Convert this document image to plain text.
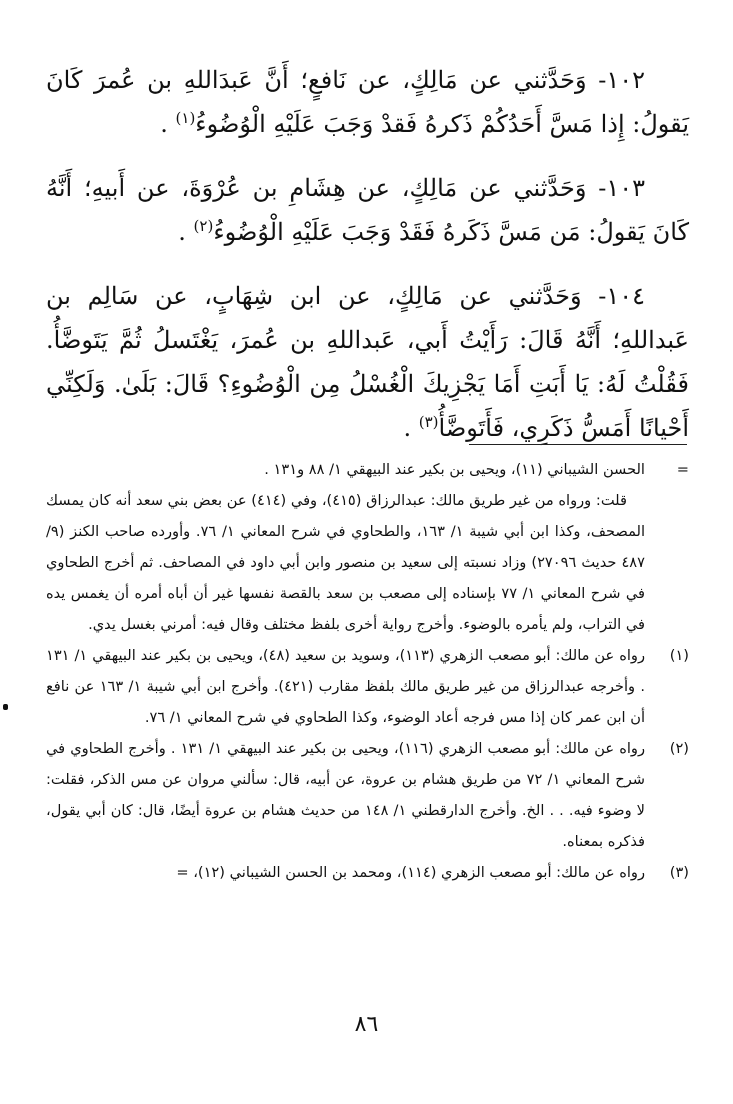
١٠٢- وَحَدَّثني عن مَالِكٍ، عن نَافعٍ؛ أَنَّ عَبدَاللهِ بن عُمرَ كَانَ يَقولُ: إِذا مَسَّ أَحَدُكُمْ ذَكرهُ فَقدْ وَجَبَ عَلَيْهِ الْوُضُوءُ$^{(١)}$ .

١٠٣- وَحَدَّثني عن مَالِكٍ، عن هِشَامِ بن عُرْوَةَ، عن أَبيهِ؛ أَنَّهُ كَانَ يَقولُ: مَن مَسَّ ذَكَرهُ فَقَدْ وَجَبَ عَلَيْهِ الْوُضُوءُ$^{(٢)}$ .

١٠٤- وَحَدَّثني عن مَالِكٍ، عن ابن شِهَابٍ، عن سَالِم بن عَبداللهِ؛ أَنَّهُ قَالَ: رَأَيْتُ أَبي، عَبداللهِ بن عُمرَ، يَغْتَسلُ ثُمَّ يَتَوضَّأُ. فَقُلْتُ لَهُ: يَا أَبَتِ أَمَا يَجْزِيكَ الْغُسْلُ مِن الْوُضُوءِ؟ قَالَ: بَلَىٰ. وَلَكِنِّي أَحْيانًا أَمَسُّ ذَكَرِي، فَأَتَوضَّأُ$^{(٣)}$ .

=

الحسن الشيباني (١١)، ويحيى بن بكير عند البيهقي ١/ ٨٨ و١٣١ .

قلت: ورواه من غير طريق مالك: عبدالرزاق (٤١٥)، وفي (٤١٤) عن بعض بني سعد أنه كان يمسك المصحف، وكذا ابن أبي شيبة ١/ ١٦٣، والطحاوي في شرح المعاني ١/ ٧٦. وأورده صاحب الكنز (٩/ ٤٨٧ حديث ٢٧٠٩٦) وزاد نسبته إلى سعيد بن منصور وابن أبي داود في المصاحف. ثم أخرج الطحاوي في شرح المعاني ١/ ٧٧ بإسناده إلى مصعب بن سعد بالقصة نفسها غير أن أباه أمره أن يغمس يده في التراب، ولم يأمره بالوضوء. وأخرج رواية أخرى بلفظ مختلف وقال فيه: أمرني بغسل يدي.

(١)

رواه عن مالك: أبو مصعب الزهري (١١٣)، وسويد بن سعيد (٤٨)، ويحيى بن بكير عند البيهقي ١/ ١٣١ . وأخرجه عبدالرزاق من غير طريق مالك بلفظ مقارب (٤٢١). وأخرج ابن أبي شيبة ١/ ١٦٣ عن نافع أن ابن عمر كان إذا مس فرجه أعاد الوضوء، وكذا الطحاوي في شرح المعاني ١/ ٧٦.

(٢)

رواه عن مالك: أبو مصعب الزهري (١١٦)، ويحيى بن بكير عند البيهقي ١/ ١٣١ . وأخرج الطحاوي في شرح المعاني ١/ ٧٢ من طريق هشام بن عروة، عن أبيه، قال: سألني مروان عن مس الذكر، فقلت: لا وضوء فيه. . . الخ. وأخرج الدارقطني ١/ ١٤٨ من حديث هشام بن عروة أيضًا، قال: كان أبي يقول، فذكره بمعناه.

(٣)

رواه عن مالك: أبو مصعب الزهري (١١٤)، ومحمد بن الحسن الشيباني (١٢)، =

٨٦
